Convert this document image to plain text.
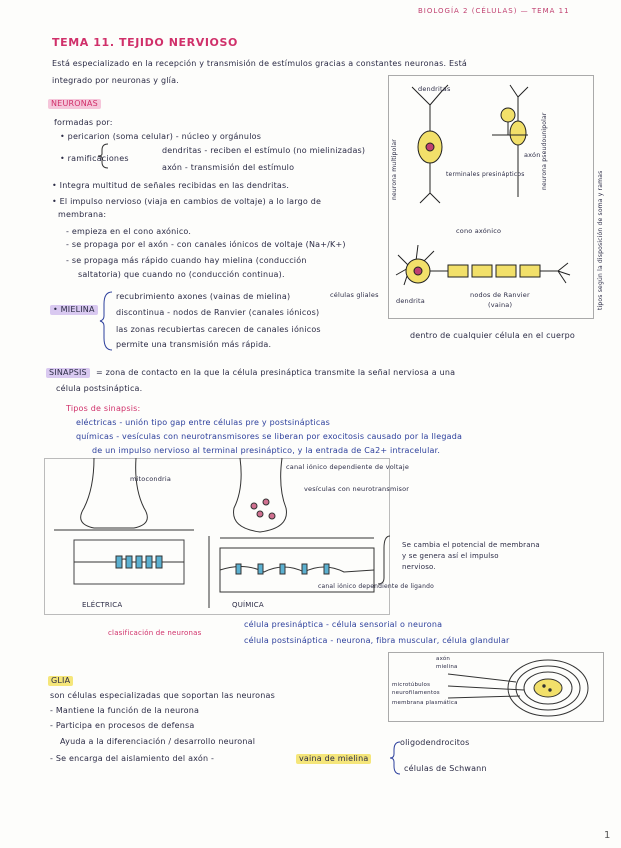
BIOLOGÍA 2 (CÉLULAS) — TEMA 11
TEMA 11. TEJIDO NERVIOSO
Está especializado en la recepción y transmisión de estímulos gracias a constantes neuronas. Está
integrado por neuronas y glía.
NEURONAS
formadas por:
• pericarion (soma celular) - núcleo y orgánulos
• ramificaciones
dendritas - reciben el estímulo (no mielinizadas)
axón - transmisión del estímulo
• Integra multitud de señales recibidas en las dendritas.
• El impulso nervioso (viaja en cambios de voltaje) a lo largo de
membrana:
- empieza en el cono axónico.
- se propaga por el axón - con canales iónicos de voltaje (Na+/K+)
- se propaga más rápido cuando hay mielina (conducción
saltatoria) que cuando no (conducción continua).
• MIELINA
recubrimiento axones (vainas de mielina)	células gliales
discontinua - nodos de Ranvier (canales iónicos)
las zonas recubiertas carecen de canales iónicos
permite una transmisión más rápida.
dentro de cualquier célula en el cuerpo
dendritas
terminales presinápticos
axón
cono axónico
nodos de Ranvier
(vaina)
dendrita
neurona multipolar	neurona pseudounipolar
tipos según la disposición de soma y ramas
SINAPSIS	= zona de contacto en la que la célula presináptica transmite la señal nerviosa a una
célula postsináptica.
Tipos de sinapsis:
eléctricas - unión tipo gap entre células pre y postsinápticas
químicas - vesículas con neurotransmisores se liberan por exocitosis causado por la llegada
de un impulso nervioso al terminal presináptico, y la entrada de Ca2+ intracelular.
mitocondria
canal iónico dependiente de voltaje
vesículas con neurotransmisor
canal iónico dependiente de ligando
Se cambia el potencial de membrana
y se genera así el impulso
nervioso.
ELÉCTRICA	QUÍMICA
clasificación de neuronas
célula presináptica - célula sensorial o neurona
célula postsináptica - neurona, fibra muscular, célula glandular
GLIA
son células especializadas que soportan las neuronas
- Mantiene la función de la neurona
- Participa en procesos de defensa
Ayuda a la diferenciación / desarrollo neuronal
- Se encarga del aislamiento del axón -	vaina de mielina
oligodendrocitos
células de Schwann
axón
mielina
microtúbulos
neurofilamentos
membrana plasmática
1
